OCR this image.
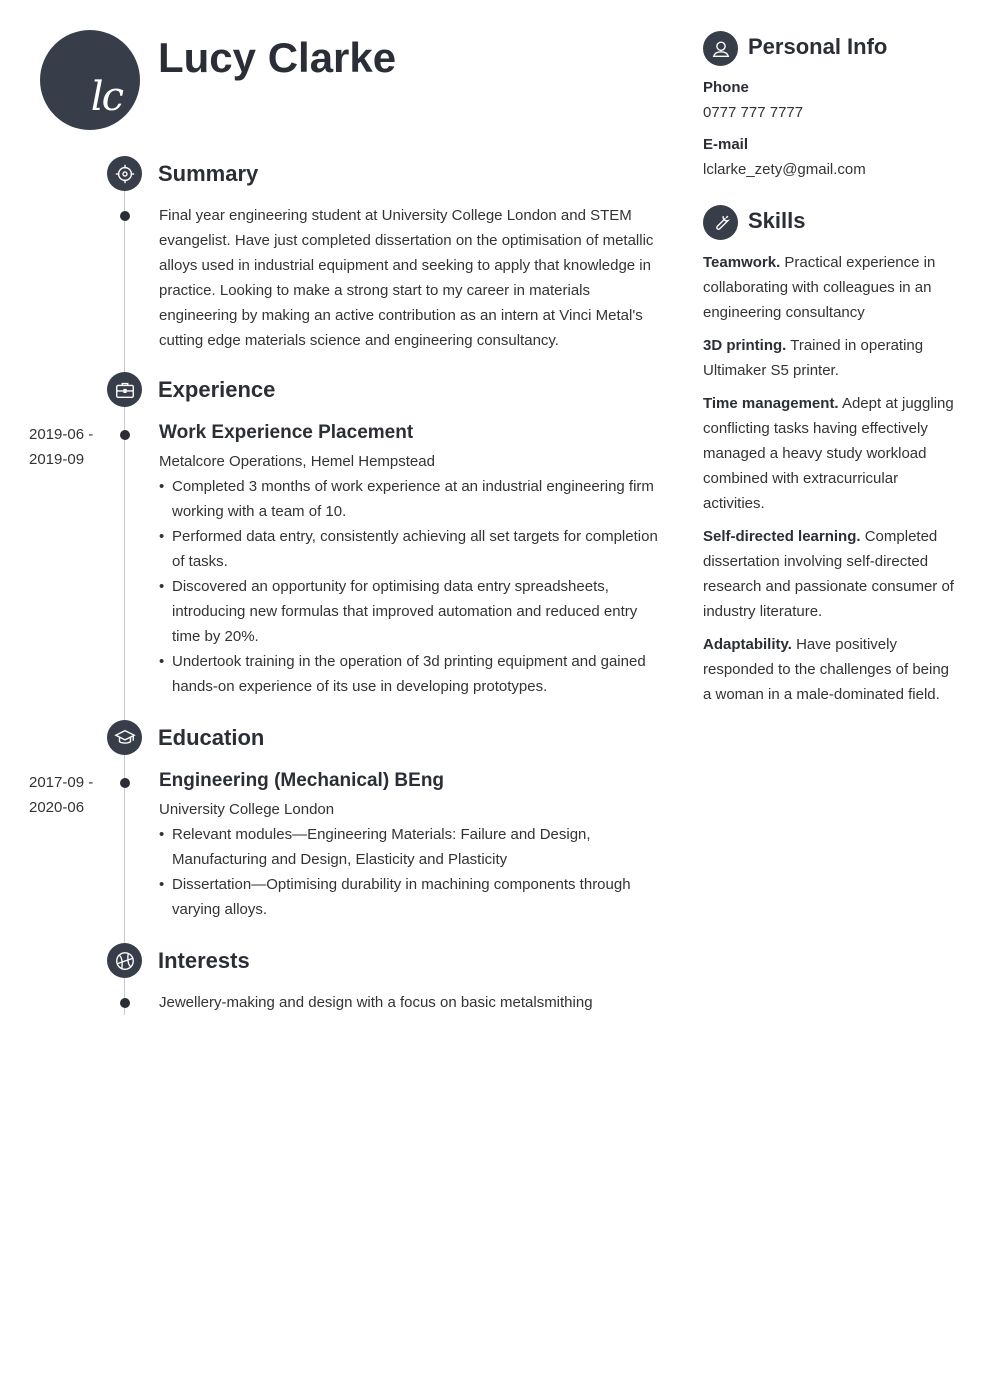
lc
Lucy Clarke
Summary

Final year engineering student at University College London and STEM evangelist. Have just completed dissertation on the optimisation of metallic alloys used in industrial equipment and seeking to apply that knowledge in practice. Looking to make a strong start to my career in materials engineering by making an active contribution as an intern at Vinci Metal's cutting edge materials science and engineering consultancy.

Experience
2019-06 -
2019-09
Work Experience Placement

Metalcore Operations, Hemel Hempstead

• Completed 3 months of work experience at an industrial engineering firm working with a team of 10.
• Performed data entry, consistently achieving all set targets for completion of tasks.
• Discovered an opportunity for optimising data entry spreadsheets, introducing new formulas that improved automation and reduced entry time by 20%.
• Undertook training in the operation of 3d printing equipment and gained hands-on experience of its use in developing prototypes.
Education
2017-09 -
2020-06
Engineering (Mechanical) BEng

University College London

• Relevant modules—Engineering Materials: Failure and Design, Manufacturing and Design, Elasticity and Plasticity
• Dissertation—Optimising durability in machining components through varying alloys.
Interests

Jewellery-making and design with a focus on basic metalsmithing

Personal Info

Phone

0777 777 7777

E-mail

lclarke_zety@gmail.com

Skills

Teamwork. Practical experience in collaborating with colleagues in an engineering consultancy

3D printing. Trained in operating Ultimaker S5 printer.

Time management. Adept at juggling conflicting tasks having effectively managed a heavy study workload combined with extracurricular activities.

Self-directed learning. Completed dissertation involving self-directed research and passionate consumer of industry literature.

Adaptability. Have positively responded to the challenges of being a woman in a male-dominated field.
